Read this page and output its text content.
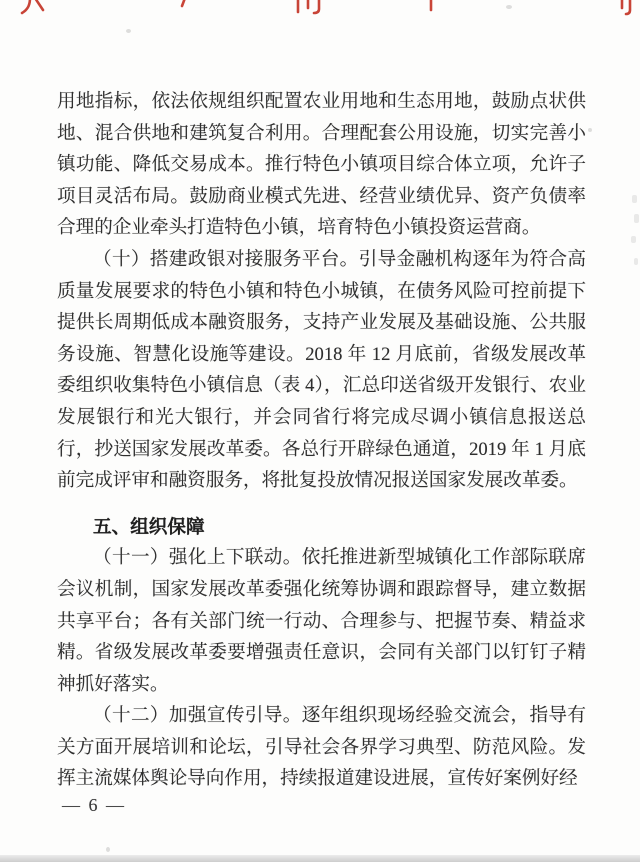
用地指标，依法依规组织配置农业用地和生态用地，鼓励点状供地、混合供地和建筑复合利用。合理配套公用设施，切实完善小镇功能、降低交易成本。推行特色小镇项目综合体立项，允许子项目灵活布局。鼓励商业模式先进、经营业绩优异、资产负债率合理的企业牵头打造特色小镇，培育特色小镇投资运营商。

（十）搭建政银对接服务平台。引导金融机构逐年为符合高质量发展要求的特色小镇和特色小城镇，在债务风险可控前提下提供长周期低成本融资服务，支持产业发展及基础设施、公共服务设施、智慧化设施等建设。2018 年 12 月底前，省级发展改革委组织收集特色小镇信息（表 4），汇总印送省级开发银行、农业发展银行和光大银行，并会同省行将完成尽调小镇信息报送总行，抄送国家发展改革委。各总行开辟绿色通道，2019 年 1 月底前完成评审和融资服务，将批复投放情况报送国家发展改革委。

五、组织保障

（十一）强化上下联动。依托推进新型城镇化工作部际联席会议机制，国家发展改革委强化统筹协调和跟踪督导，建立数据共享平台；各有关部门统一行动、合理参与、把握节奏、精益求精。省级发展改革委要增强责任意识，会同有关部门以钉钉子精神抓好落实。

（十二）加强宣传引导。逐年组织现场经验交流会，指导有关方面开展培训和论坛，引导社会各界学习典型、防范风险。发挥主流媒体舆论导向作用，持续报道建设进展，宣传好案例好经

— 6 —
